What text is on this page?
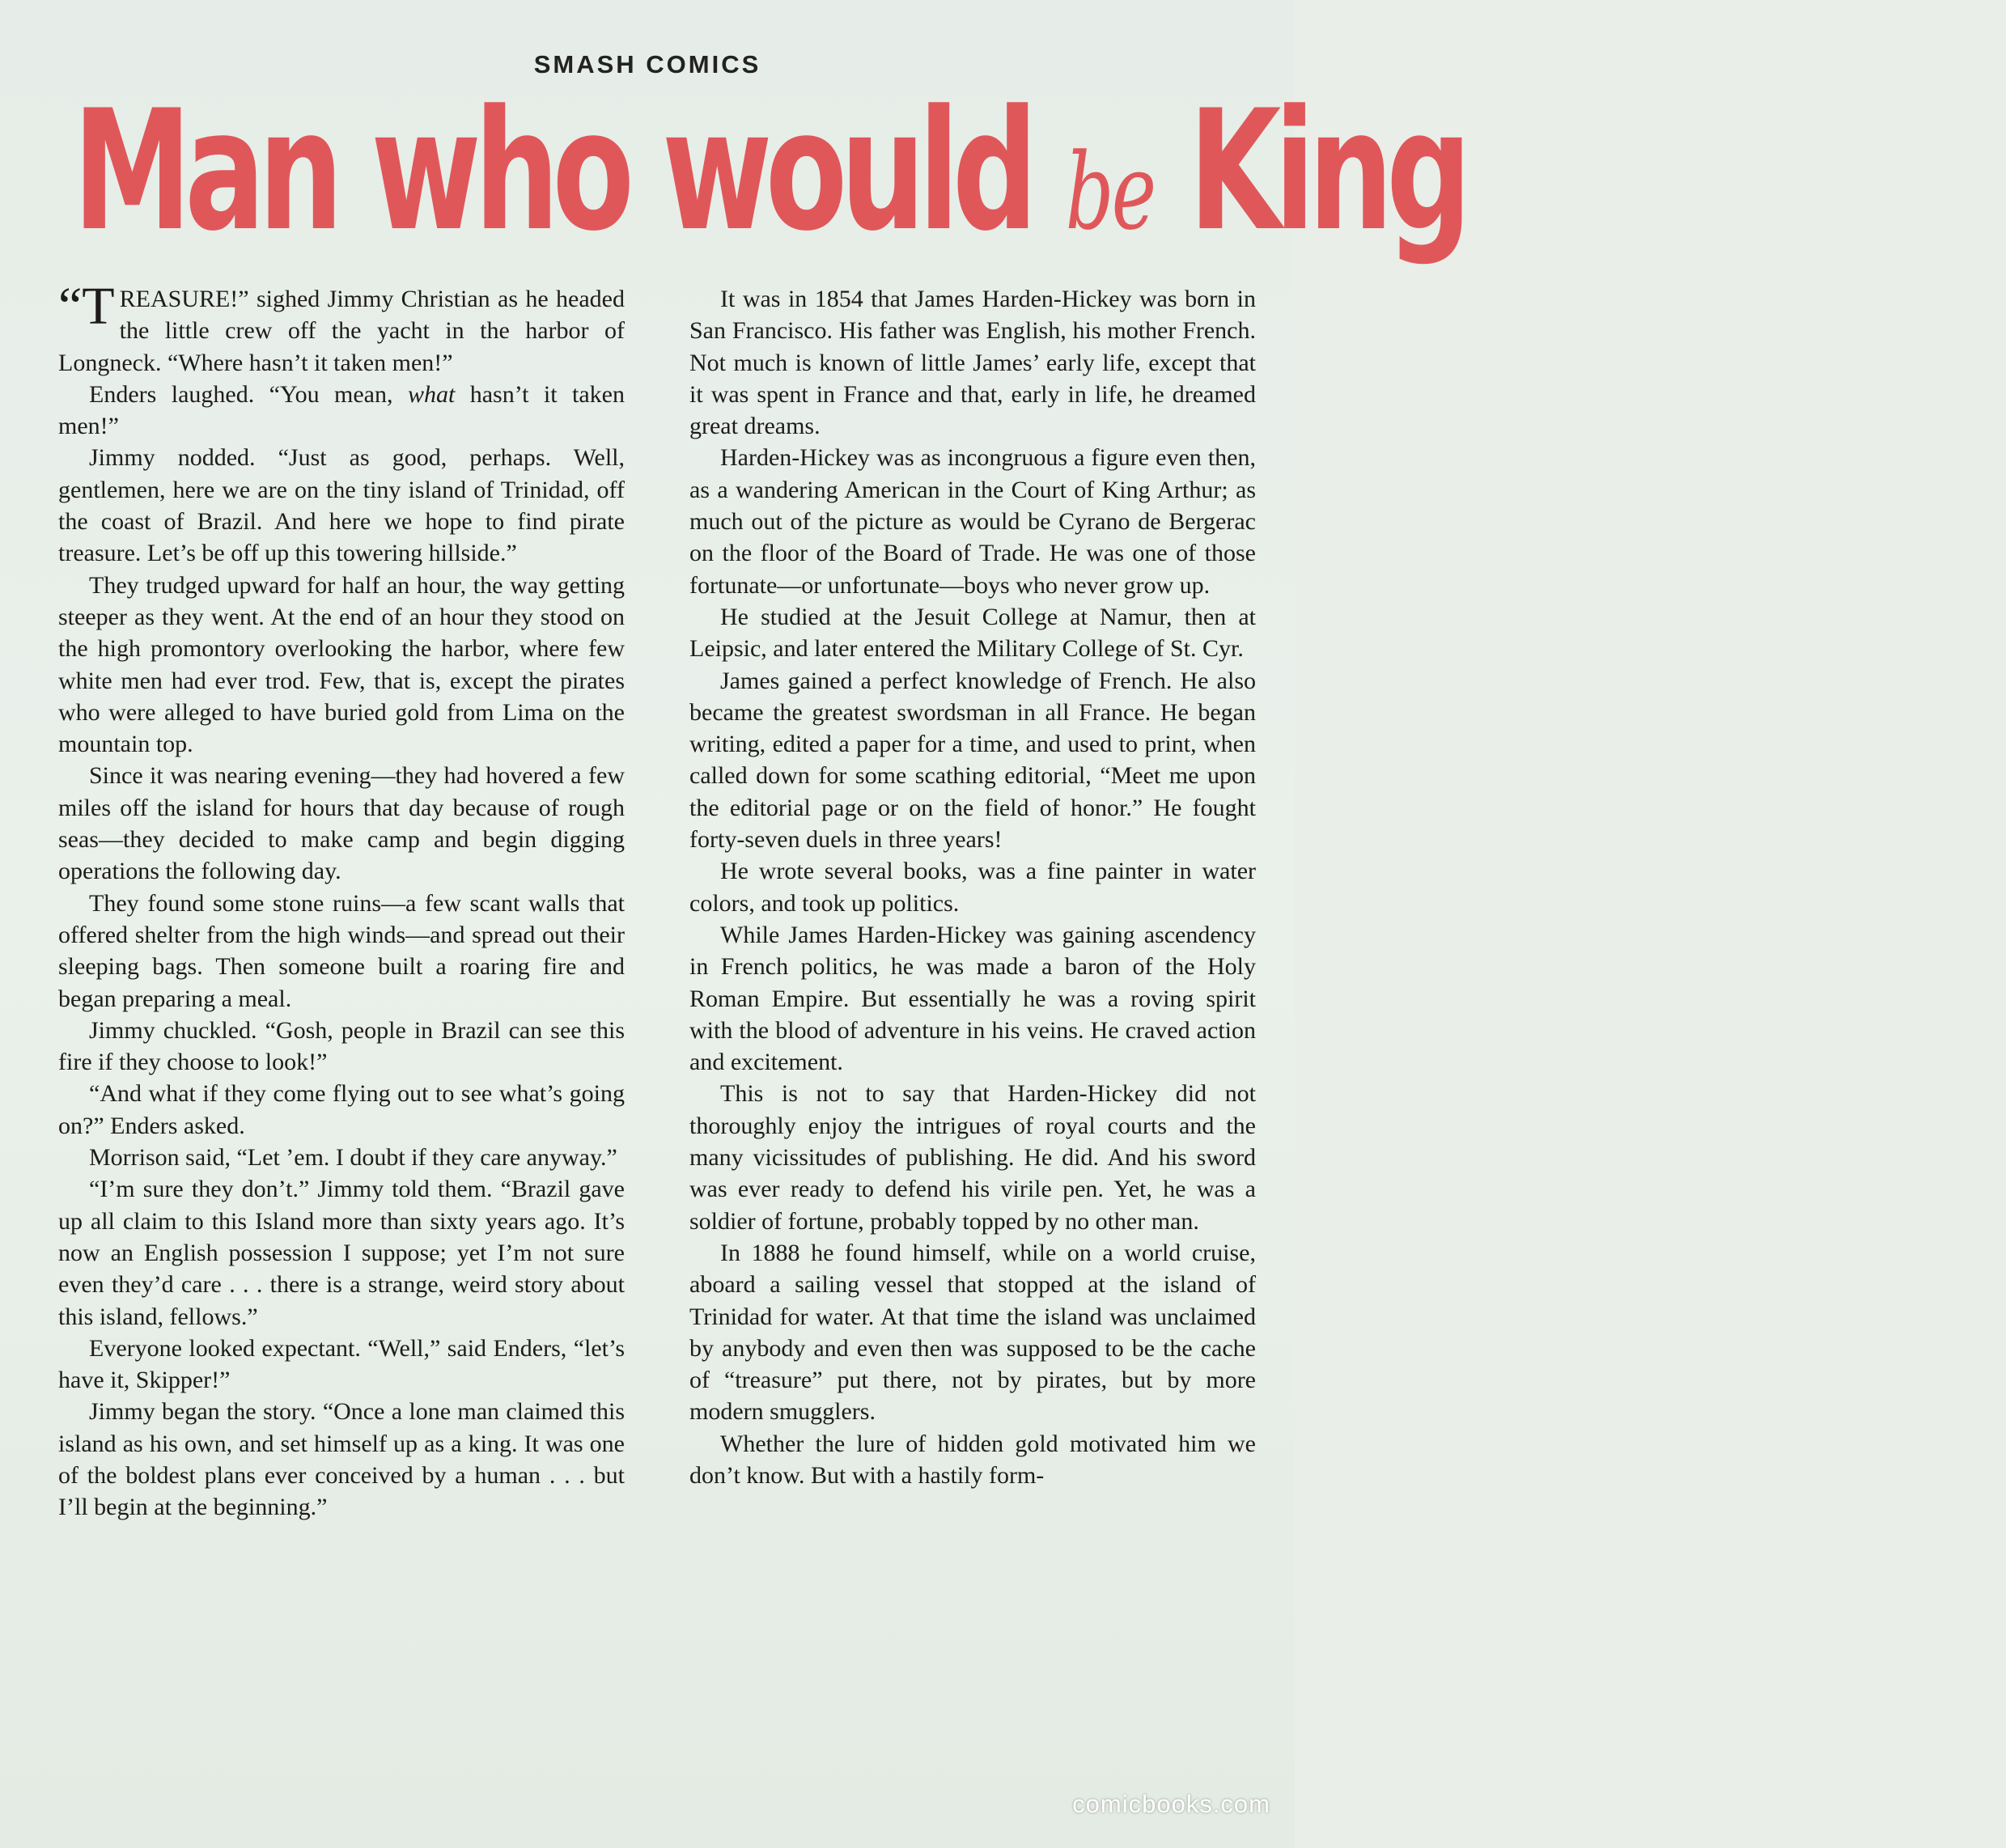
SMASH COMICS
Man who would be King

“TREASURE!” sighed Jimmy Christian as he headed the little crew off the yacht in the harbor of Longneck. “Where hasn’t it taken men!”

Enders laughed. “You mean, what hasn’t it taken men!”

Jimmy nodded. “Just as good, perhaps. Well, gentlemen, here we are on the tiny island of Trinidad, off the coast of Brazil. And here we hope to find pirate treasure. Let’s be off up this towering hillside.”

They trudged upward for half an hour, the way getting steeper as they went. At the end of an hour they stood on the high promontory overlooking the harbor, where few white men had ever trod. Few, that is, except the pirates who were alleged to have buried gold from Lima on the mountain top.

Since it was nearing evening—they had hovered a few miles off the island for hours that day because of rough seas—they decided to make camp and begin digging operations the following day.

They found some stone ruins—a few scant walls that offered shelter from the high winds—and spread out their sleeping bags. Then someone built a roaring fire and began preparing a meal.

Jimmy chuckled. “Gosh, people in Brazil can see this fire if they choose to look!”

“And what if they come flying out to see what’s going on?” Enders asked.

Morrison said, “Let ’em. I doubt if they care anyway.”

“I’m sure they don’t.” Jimmy told them. “Brazil gave up all claim to this Island more than sixty years ago. It’s now an English possession I suppose; yet I’m not sure even they’d care . . . there is a strange, weird story about this island, fellows.”

Everyone looked expectant. “Well,” said Enders, “let’s have it, Skipper!”

Jimmy began the story. “Once a lone man claimed this island as his own, and set himself up as a king. It was one of the boldest plans ever conceived by a human . . . but I’ll begin at the beginning.”

It was in 1854 that James Harden-Hickey was born in San Francisco. His father was English, his mother French. Not much is known of little James’ early life, except that it was spent in France and that, early in life, he dreamed great dreams.

Harden-Hickey was as incongruous a figure even then, as a wandering American in the Court of King Arthur; as much out of the picture as would be Cyrano de Bergerac on the floor of the Board of Trade. He was one of those fortunate—or unfortunate—boys who never grow up.

He studied at the Jesuit College at Namur, then at Leipsic, and later entered the Military College of St. Cyr.

James gained a perfect knowledge of French. He also became the greatest swordsman in all France. He began writing, edited a paper for a time, and used to print, when called down for some scathing editorial, “Meet me upon the editorial page or on the field of honor.” He fought forty-seven duels in three years!

He wrote several books, was a fine painter in water colors, and took up politics.

While James Harden-Hickey was gaining ascendency in French politics, he was made a baron of the Holy Roman Empire. But essentially he was a roving spirit with the blood of adventure in his veins. He craved action and excitement.

This is not to say that Harden-Hickey did not thoroughly enjoy the intrigues of royal courts and the many vicissitudes of publishing. He did. And his sword was ever ready to defend his virile pen. Yet, he was a soldier of fortune, probably topped by no other man.

In 1888 he found himself, while on a world cruise, aboard a sailing vessel that stopped at the island of Trinidad for water. At that time the island was unclaimed by anybody and even then was supposed to be the cache of “treasure” put there, not by pirates, but by more modern smugglers.

Whether the lure of hidden gold motivated him we don’t know. But with a hastily form-

comicbooks.com
